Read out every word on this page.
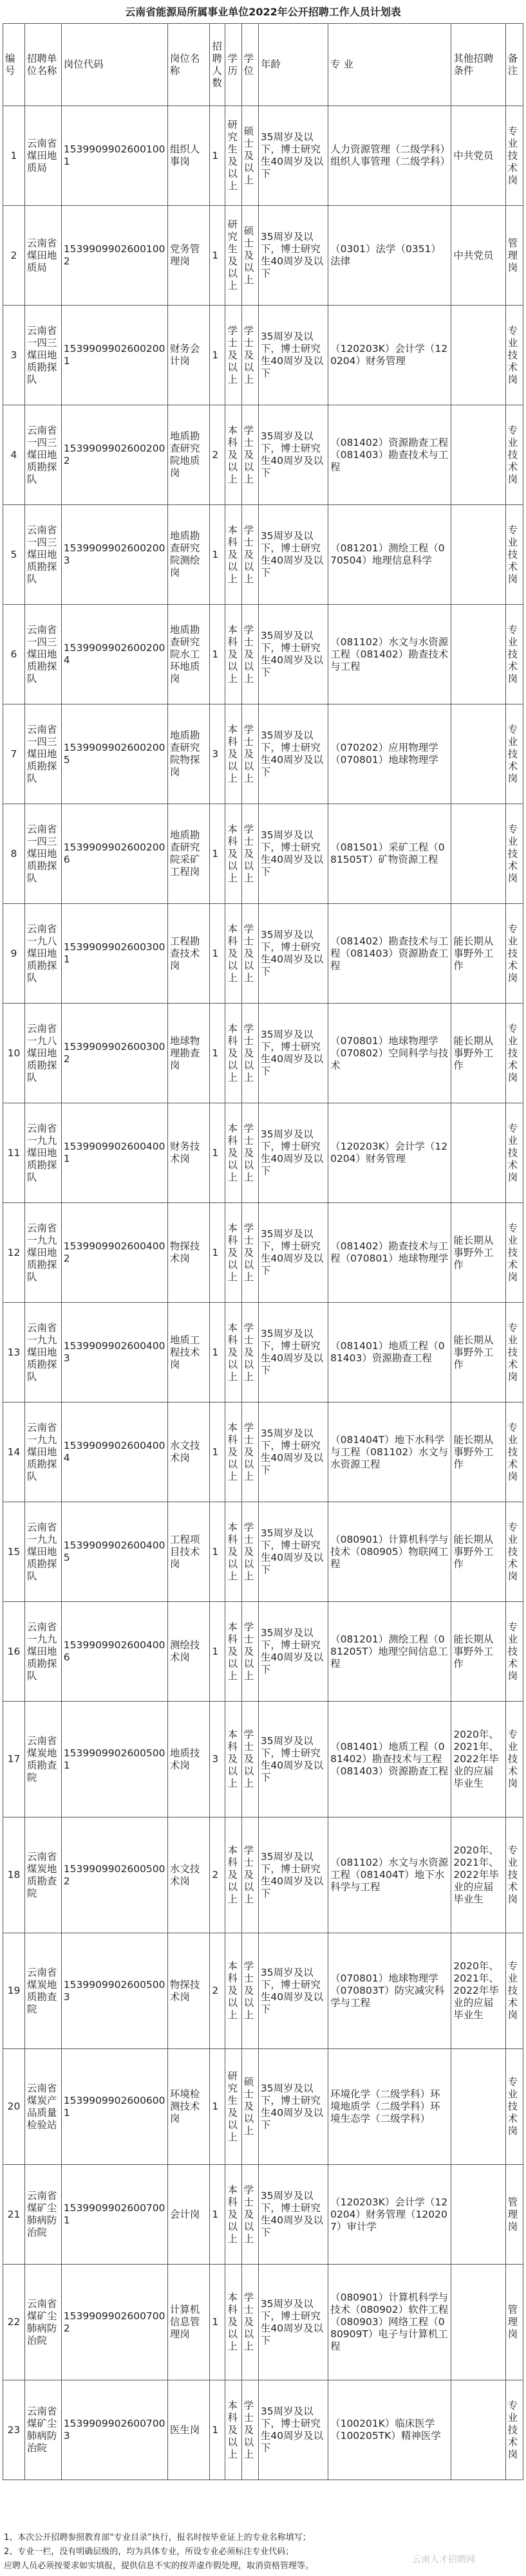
云南省能源局所属事业单位2022年公开招聘工作人员计划表
编号	招聘单位名称	岗位代码	岗位名称	招聘人数	学历	学位	年龄	专 业	其他招聘条件	备注
1	云南省煤田地质局	15399099026001001	组织人事岗	1	研究生及以上	硕士及以上	35周岁及以下，博士研究生40周岁及以下	人力资源管理（二级学科）组织人事管理（二级学科）	中共党员	专业技术岗
2	云南省煤田地质局	15399099026001002	党务管理岗	1	研究生及以上	硕士及以上	35周岁及以下，博士研究生40周岁及以下	（0301）法学（0351）法律	中共党员	管理岗
3	云南省一四三煤田地质勘探队	15399099026002001	财务会计岗	1	学士及以上	学士及以上	35周岁及以下，博士研究生40周岁及以下	（120203K）会计学（120204）财务管理		专业技术岗
4	云南省一四三煤田地质勘探队	15399099026002002	地质勘查研究院地质岗	2	本科及以上	学士及以上	35周岁及以下，博士研究生40周岁及以下	（081402）资源勘查工程（081403）勘查技术与工程		专业技术岗
5	云南省一四三煤田地质勘探队	15399099026002003	地质勘查研究院测绘岗	1	本科及以上	学士及以上	35周岁及以下，博士研究生40周岁及以下	（081201）测绘工程（070504）地理信息科学		专业技术岗
6	云南省一四三煤田地质勘探队	15399099026002004	地质勘查研究院水工环地质岗	1	本科及以上	学士及以上	35周岁及以下，博士研究生40周岁及以下	（081102）水文与水资源工程（081402）勘查技术与工程		专业技术岗
7	云南省一四三煤田地质勘探队	15399099026002005	地质勘查研究院物探岗	3	本科及以上	学士及以上	35周岁及以下，博士研究生40周岁及以下	（070202）应用物理学（070801）地球物理学		专业技术岗
8	云南省一四三煤田地质勘探队	15399099026002006	地质勘查研究院采矿工程岗	1	本科及以上	学士及以上	35周岁及以下，博士研究生40周岁及以下	（081501）采矿工程（081505T）矿物资源工程		专业技术岗
9	云南省一九八煤田地质勘探队	15399099026003001	工程勘查技术岗	1	本科及以上	学士及以上	35周岁及以下，博士研究生40周岁及以下	（081402）勘查技术与工程（081403）资源勘查工程	能长期从事野外工作	专业技术岗
10	云南省一九八煤田地质勘探队	15399099026003002	地球物理勘查岗	1	本科及以上	学士及以上	35周岁及以下，博士研究生40周岁及以下	（070801）地球物理学（070802）空间科学与技术	能长期从事野外工作	专业技术岗
11	云南省一九九煤田地质勘探队	15399099026004001	财务技术岗	1	本科及以上	学士及以上	35周岁及以下，博士研究生40周岁及以下	（120203K）会计学（120204）财务管理		专业技术岗
12	云南省一九九煤田地质勘探队	15399099026004002	物探技术岗	1	本科及以上	学士及以上	35周岁及以下，博士研究生40周岁及以下	（081402）勘查技术与工程（070801）地球物理学	能长期从事野外工作	专业技术岗
13	云南省一九九煤田地质勘探队	15399099026004003	地质工程技术岗	1	本科及以上	学士及以上	35周岁及以下，博士研究生40周岁及以下	（081401）地质工程（081403）资源勘查工程	能长期从事野外工作	专业技术岗
14	云南省一九九煤田地质勘探队	15399099026004004	水文技术岗	1	本科及以上	学士及以上	35周岁及以下，博士研究生40周岁及以下	（081404T）地下水科学与工程（081102）水文与水资源工程	能长期从事野外工作	专业技术岗
15	云南省一九九煤田地质勘探队	15399099026004005	工程项目技术岗	1	本科及以上	学士及以上	35周岁及以下，博士研究生40周岁及以下	（080901）计算机科学与技术（080905）物联网工程	能长期从事野外工作	专业技术岗
16	云南省一九九煤田地质勘探队	15399099026004006	测绘技术岗	1	本科及以上	学士及以上	35周岁及以下，博士研究生40周岁及以下	（081201）测绘工程（081205T）地理空间信息工程	能长期从事野外工作	专业技术岗
17	云南省煤炭地质勘查院	15399099026005001	地质技术岗	3	本科及以上	学士及以上	35周岁及以下，博士研究生40周岁及以下	（081401）地质工程（081402）勘查技术与工程（081403）资源勘查工程	2020年、2021年、2022年毕业的应届毕业生	专业技术岗
18	云南省煤炭地质勘查院	15399099026005002	水文技术岗	2	本科及以上	学士及以上	35周岁及以下，博士研究生40周岁及以下	（081102）水文与水资源工程（081404T）地下水科学与工程	2020年、2021年、2022年毕业的应届毕业生	专业技术岗
19	云南省煤炭地质勘查院	15399099026005003	物探技术岗	2	本科及以上	学士及以上	35周岁及以下，博士研究生40周岁及以下	（070801）地球物理学（070803T）防灾减灾科学与工程	2020年、2021年、2022年毕业的应届毕业生	专业技术岗
20	云南省煤炭产品质量检验站	15399099026006001	环境检测技术岗	1	研究生及以上	硕士及以上	35周岁及以下，博士研究生40周岁及以下	环境化学（二级学科）环境地质学（二级学科）环境生态学（二级学科）		专业技术岗
21	云南省煤矿尘肺病防治院	15399099026007001	会计岗	1	本科及以上	学士及以上	35周岁及以下，博士研究生40周岁及以下	（120203K）会计学（120204）财务管理（120207）审计学		管理岗
22	云南省煤矿尘肺病防治院	15399099026007002	计算机信息管理岗	1	本科及以上	学士及以上	35周岁及以下，博士研究生40周岁及以下	（080901）计算机科学与技术（080902）软件工程（080903）网络工程（080909T）电子与计算机工程		管理岗
23	云南省煤矿尘肺病防治院	15399099026007003	医生岗	1	本科及以上	学士及以上	35周岁及以下，博士研究生40周岁及以下	（100201K）临床医学（100205TK）精神医学		专业技术岗
1、本次公开招聘参照教育部“专业目录”执行，报名时按毕业证上的专业名称填写；
2、专业一栏，没有明确层级的，均为具体专业，所设专业必须标注专业代码；
应聘人员必须按要求如实填报，提供信息不实的按弄虚作假处理，取消资格管理等。
云南人才招聘网
